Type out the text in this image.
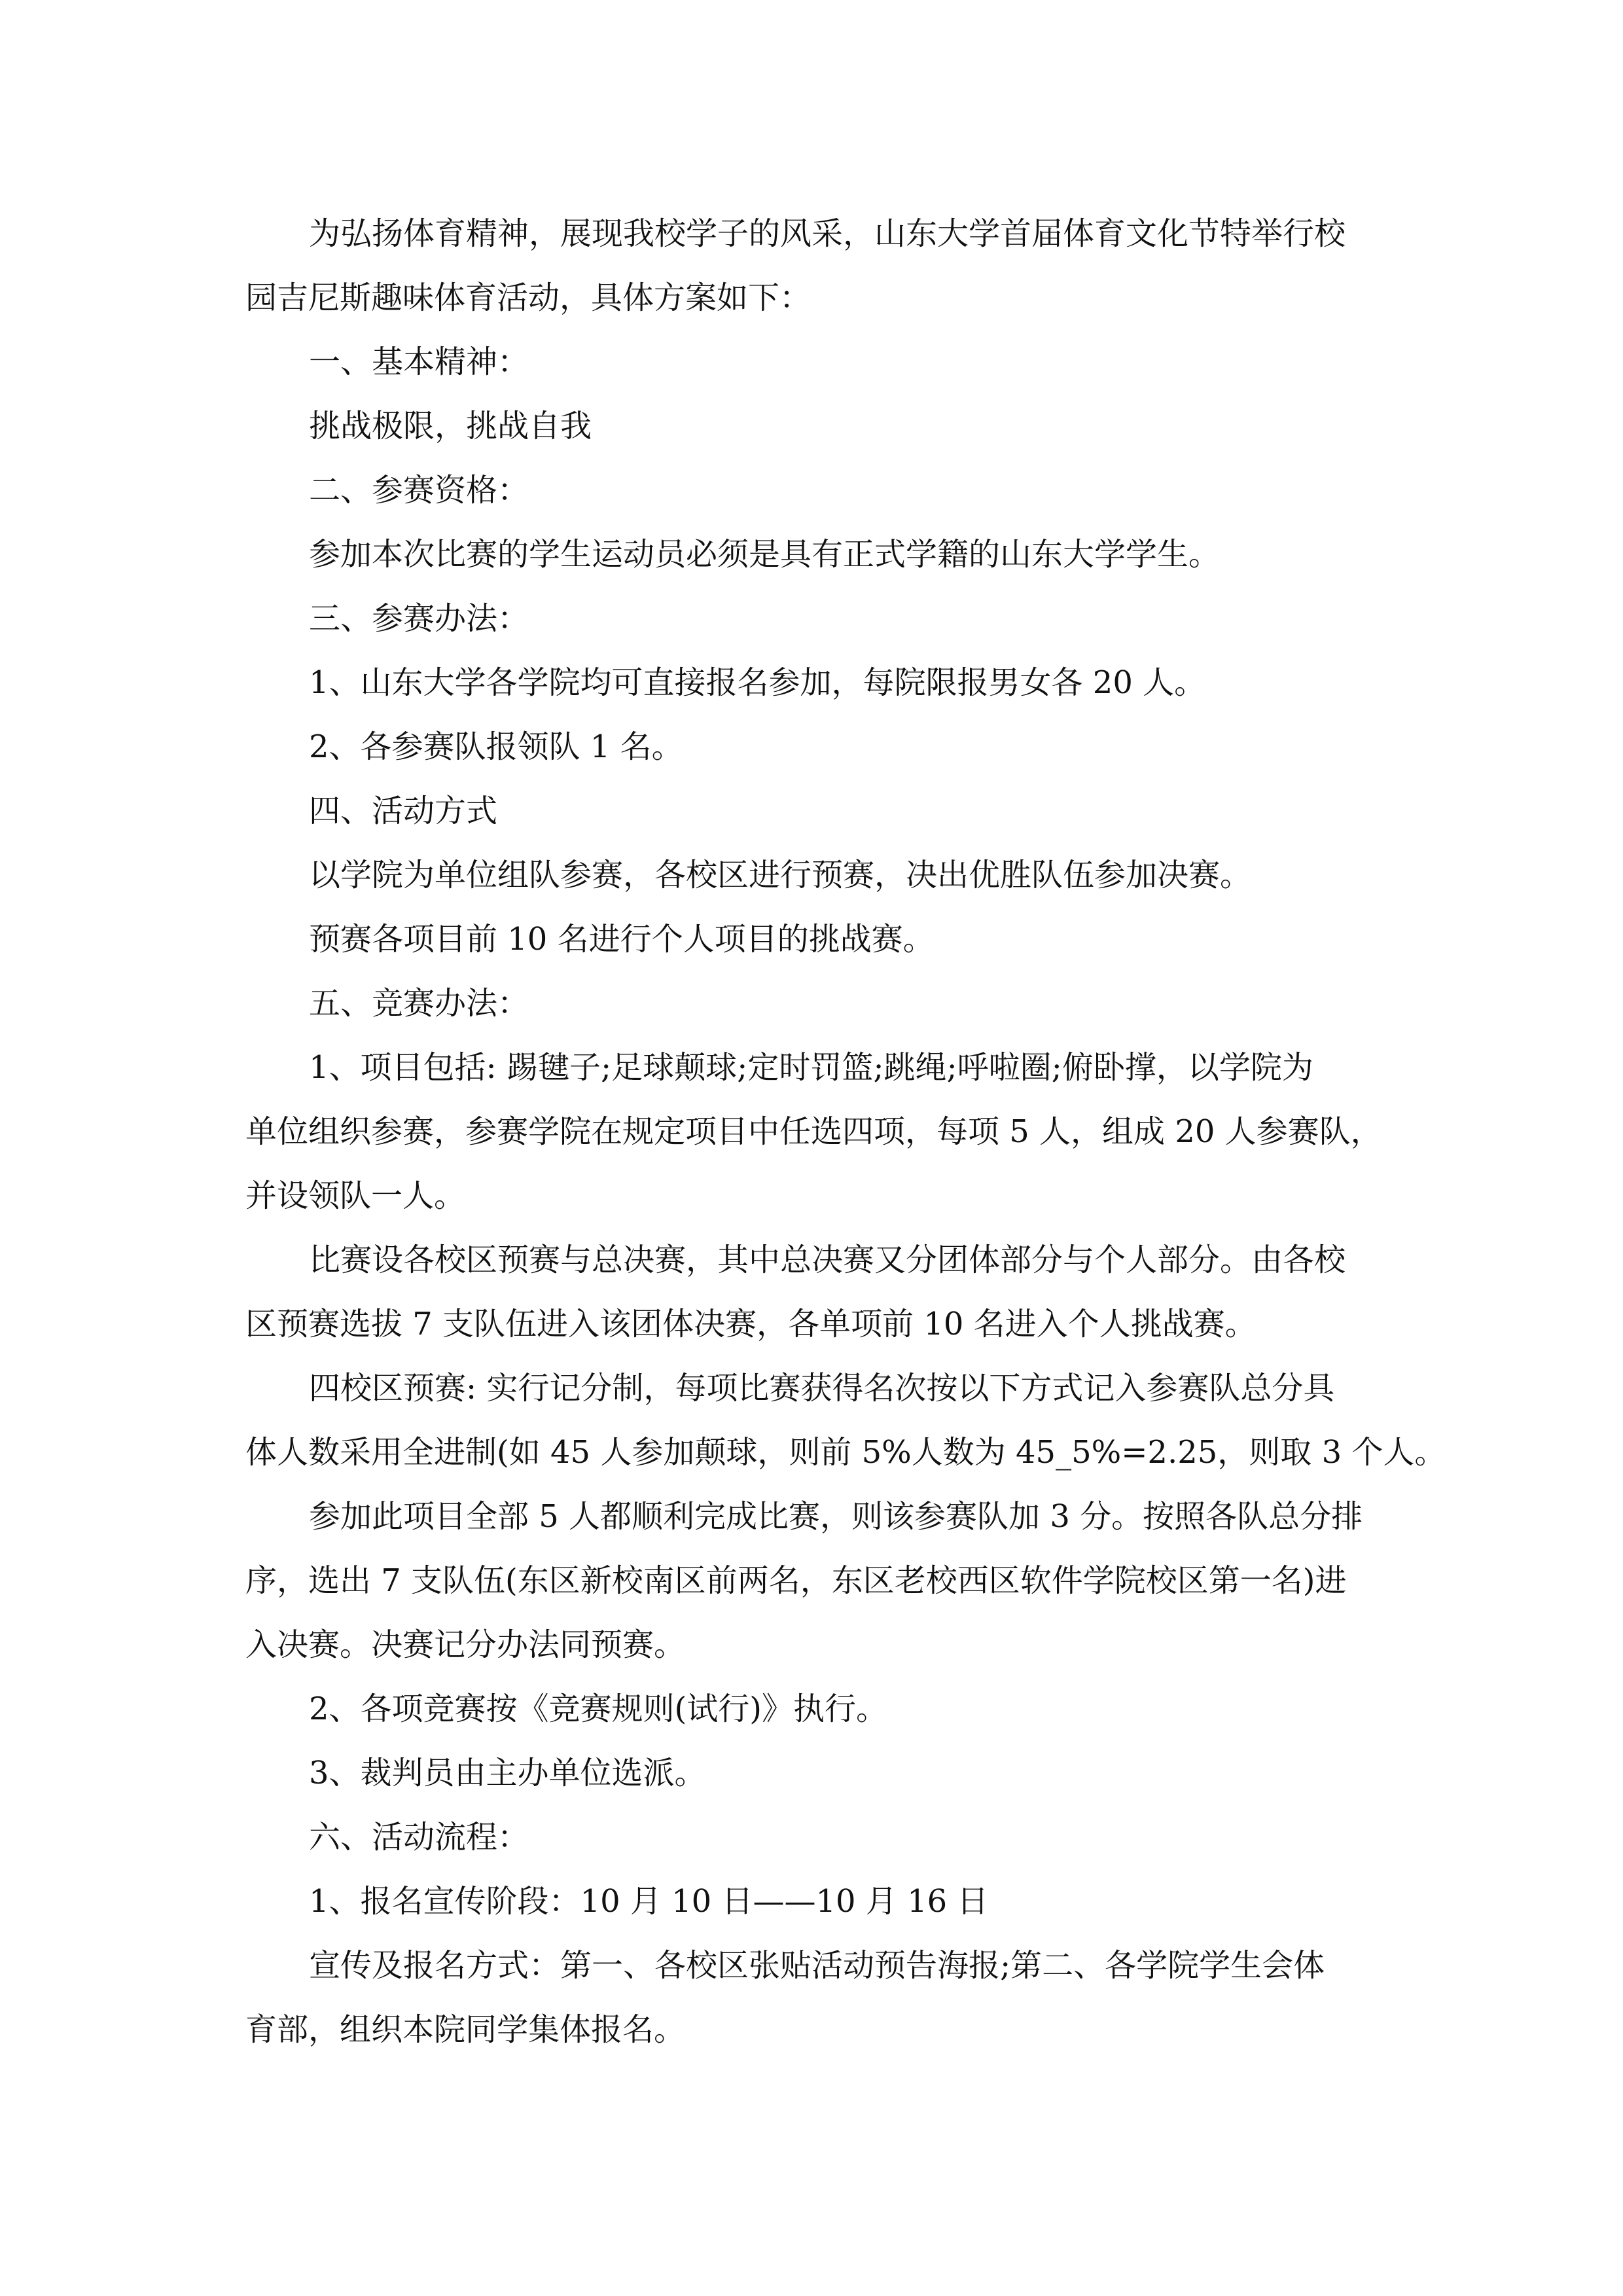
为弘扬体育精神，展现我校学子的风采，山东大学首届体育文化节特举行校
园吉尼斯趣味体育活动，具体方案如下：
一、基本精神：
挑战极限，挑战自我
二、参赛资格：
参加本次比赛的学生运动员必须是具有正式学籍的山东大学学生。
三、参赛办法：
1、山东大学各学院均可直接报名参加，每院限报男女各 20 人。
2、各参赛队报领队 1 名。
四、活动方式
以学院为单位组队参赛，各校区进行预赛，决出优胜队伍参加决赛。
预赛各项目前 10 名进行个人项目的挑战赛。
五、竞赛办法：
1、项目包括: 踢毽子;足球颠球;定时罚篮;跳绳;呼啦圈;俯卧撑，以学院为
单位组织参赛，参赛学院在规定项目中任选四项，每项 5 人，组成 20 人参赛队，
并设领队一人。
比赛设各校区预赛与总决赛，其中总决赛又分团体部分与个人部分。由各校
区预赛选拔 7 支队伍进入该团体决赛，各单项前 10 名进入个人挑战赛。
四校区预赛: 实行记分制，每项比赛获得名次按以下方式记入参赛队总分具
体人数采用全进制(如 45 人参加颠球，则前 5%人数为 45_5%=2.25，则取 3 个人。
参加此项目全部 5 人都顺利完成比赛，则该参赛队加 3 分。按照各队总分排
序，选出 7 支队伍(东区新校南区前两名，东区老校西区软件学院校区第一名)进
入决赛。决赛记分办法同预赛。
2、各项竞赛按《竞赛规则(试行)》执行。
3、裁判员由主办单位选派。
六、活动流程：
1、报名宣传阶段：10 月 10 日——10 月 16 日
宣传及报名方式：第一、各校区张贴活动预告海报;第二、各学院学生会体
育部，组织本院同学集体报名。
